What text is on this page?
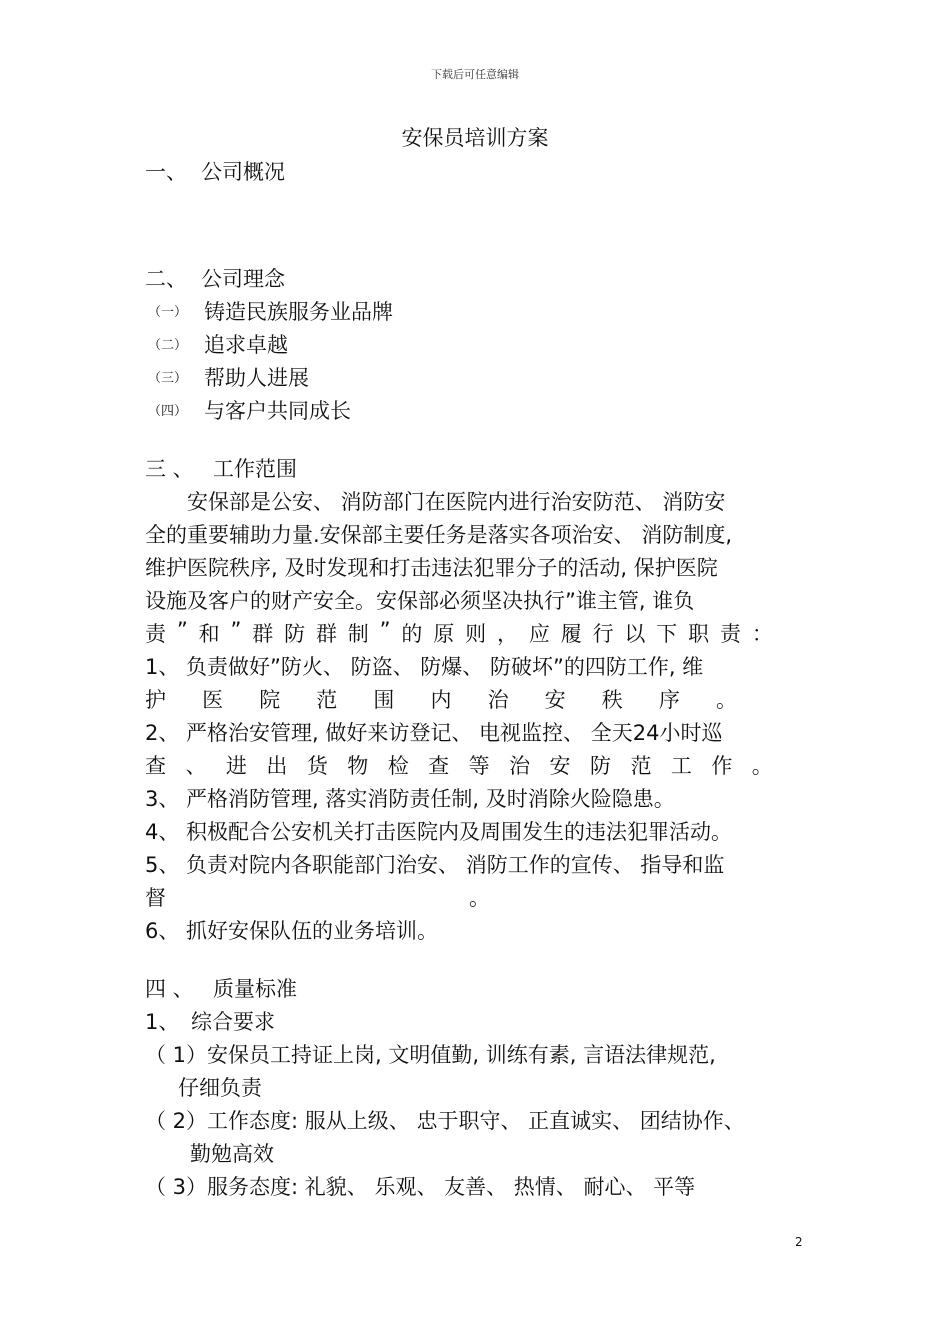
下载后可任意编辑
安保员培训方案
一、 公司概况
二、 公司理念
（一） 铸造民族服务业品牌
（二） 追求卓越
（三） 帮助人进展
（四） 与客户共同成长
三 、 工作范围
　　安保部是公安、 消防部门在医院内进行治安防范、 消防安
全的重要辅助力量.安保部主要任务是落实各项治安、 消防制度,
维护医院秩序, 及时发现和打击违法犯罪分子的活动, 保护医院
设施及客户的财产安全。安保部必须坚决执行”谁主管, 谁负
责 ” 和 ” 群 防 群 制 ” 的 原 则 ， 应 履 行 以 下 职 责 ：
1、 负责做好”防火、 防盗、 防爆、 防破坏”的四防工作, 维
护 医 院 范 围 内 治 安 秩 序 。
2、 严格治安管理, 做好来访登记、 电视监控、 全天24小时巡
查 、 进 出 货 物 检 查 等 治 安 防 范 工 作 。
3、 严格消防管理, 落实消防责任制, 及时消除火险隐患。
4、 积极配合公安机关打击医院内及周围发生的违法犯罪活动。
5、 负责对院内各职能部门治安、 消防工作的宣传、 指导和监
督	。
6、 抓好安保队伍的业务培训。
四 、 质量标准
1、 综合要求
（ 1）安保员工持证上岗, 文明值勤, 训练有素, 言语法律规范,
仔细负责
（ 2）工作态度: 服从上级、 忠于职守、 正直诚实、 团结协作、
勤勉高效
（ 3）服务态度: 礼貌、 乐观、 友善、 热情、 耐心、 平等
2
